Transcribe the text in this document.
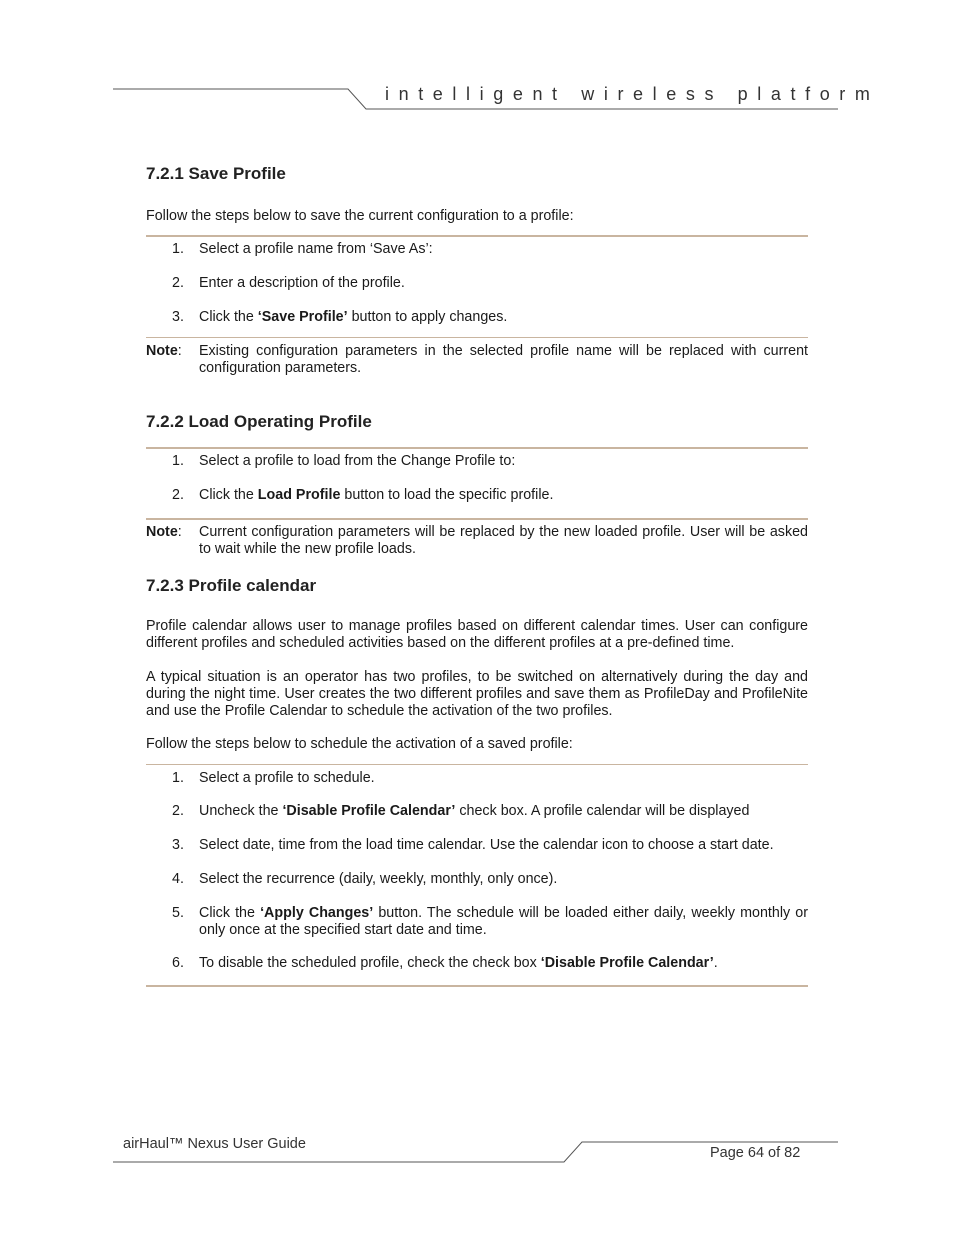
intelligent wireless platform
7.2.1 Save Profile
Follow the steps below to save the current configuration to a profile:
1.	Select a profile name from ‘Save As’:
2.	Enter a description of the profile.
3.	Click the ‘Save Profile’ button to apply changes.
Note: Existing configuration parameters in the selected profile name will be replaced with current configuration parameters.
7.2.2 Load Operating Profile
1.	Select a profile to load from the Change Profile to:
2.	Click the Load Profile button to load the specific profile.
Note: Current configuration parameters will be replaced by the new loaded profile. User will be asked to wait while the new profile loads.
7.2.3 Profile calendar
Profile calendar allows user to manage profiles based on different calendar times. User can configure different profiles and scheduled activities based on the different profiles at a pre-defined time.
A typical situation is an operator has two profiles, to be switched on alternatively during the day and during the night time. User creates the two different profiles and save them as ProfileDay and ProfileNite and use the Profile Calendar to schedule the activation of the two profiles.
Follow the steps below to schedule the activation of a saved profile:
1.	Select a profile to schedule.
2.	Uncheck the ‘Disable Profile Calendar’ check box. A profile calendar will be displayed
3.	Select date, time from the load time calendar. Use the calendar icon to choose a start date.
4.	Select the recurrence (daily, weekly, monthly, only once).
5.	Click the ‘Apply Changes’ button. The schedule will be loaded either daily, weekly monthly or only once at the specified start date and time.
6.	To disable the scheduled profile, check the check box ‘Disable Profile Calendar’.
airHaul™ Nexus User Guide
Page 64 of 82
